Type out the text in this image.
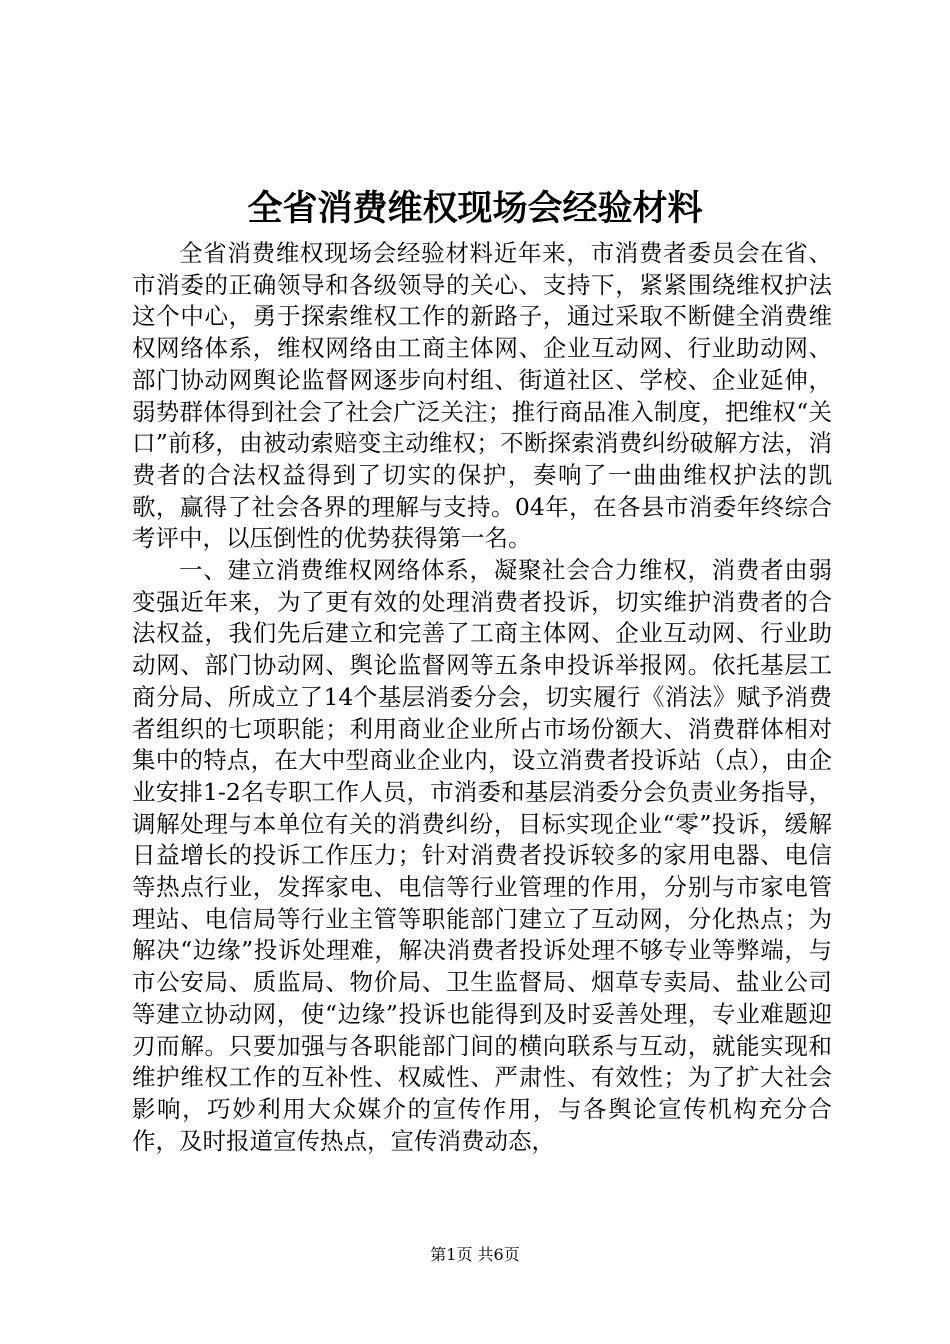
全省消费维权现场会经验材料

全省消费维权现场会经验材料近年来，市消费者委员会在省、市消委的正确领导和各级领导的关心、支持下，紧紧围绕维权护法这个中心，勇于探索维权工作的新路子，通过采取不断健全消费维权网络体系，维权网络由工商主体网、企业互动网、行业助动网、部门协动网舆论监督网逐步向村组、街道社区、学校、企业延伸，弱势群体得到社会了社会广泛关注；推行商品准入制度，把维权“关口”前移，由被动索赔变主动维权；不断探索消费纠纷破解方法，消费者的合法权益得到了切实的保护，奏响了一曲曲维权护法的凯歌，赢得了社会各界的理解与支持。04年，在各县市消委年终综合考评中，以压倒性的优势获得第一名。

一、建立消费维权网络体系，凝聚社会合力维权，消费者由弱变强近年来，为了更有效的处理消费者投诉，切实维护消费者的合法权益，我们先后建立和完善了工商主体网、企业互动网、行业助动网、部门协动网、舆论监督网等五条申投诉举报网。依托基层工商分局、所成立了14个基层消委分会，切实履行《消法》赋予消费者组织的七项职能；利用商业企业所占市场份额大、消费群体相对集中的特点，在大中型商业企业内，设立消费者投诉站（点），由企业安排1-2名专职工作人员，市消委和基层消委分会负责业务指导，调解处理与本单位有关的消费纠纷，目标实现企业“零”投诉，缓解日益增长的投诉工作压力；针对消费者投诉较多的家用电器、电信等热点行业，发挥家电、电信等行业管理的作用，分别与市家电管理站、电信局等行业主管等职能部门建立了互动网，分化热点；为解决“边缘”投诉处理难，解决消费者投诉处理不够专业等弊端，与市公安局、质监局、物价局、卫生监督局、烟草专卖局、盐业公司等建立协动网，使“边缘”投诉也能得到及时妥善处理，专业难题迎刃而解。只要加强与各职能部门间的横向联系与互动，就能实现和维护维权工作的互补性、权威性、严肃性、有效性；为了扩大社会影响，巧妙利用大众媒介的宣传作用，与各舆论宣传机构充分合作，及时报道宣传热点，宣传消费动态，

第1页 共6页
